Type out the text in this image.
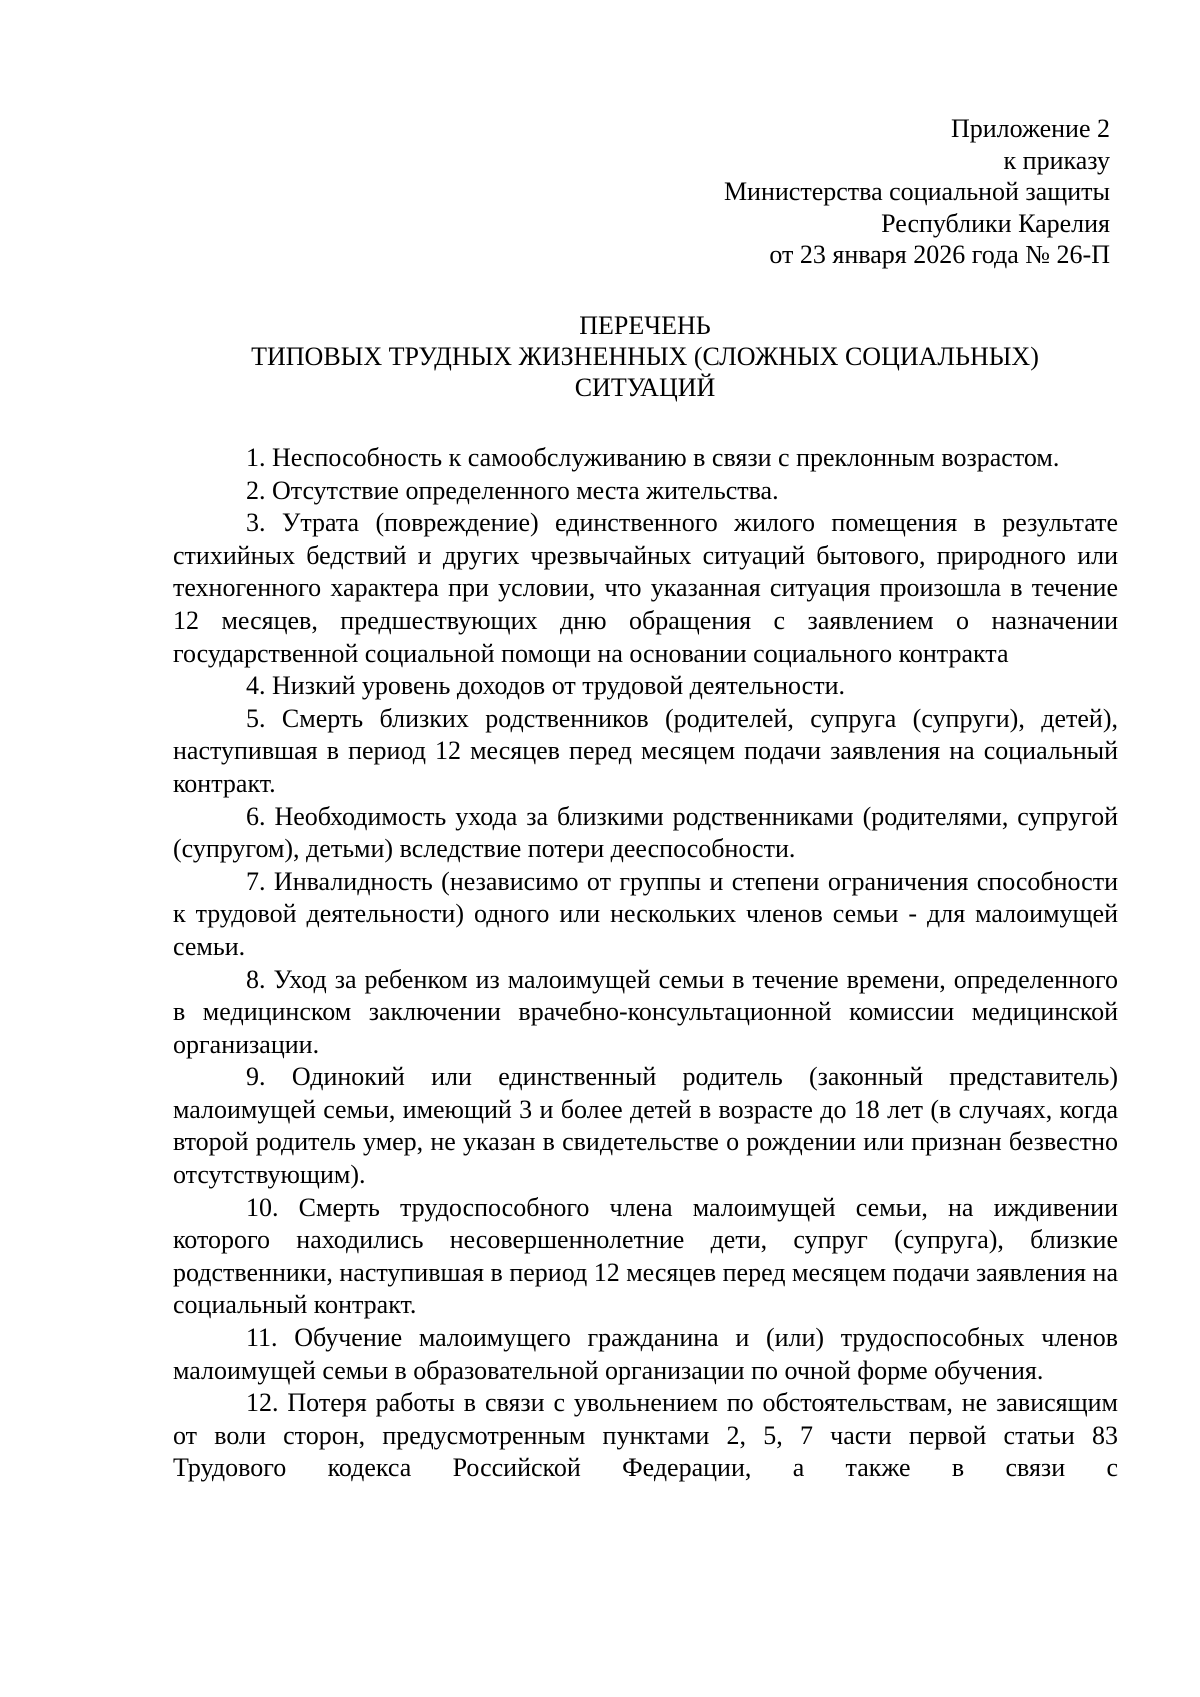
Приложение 2
к приказу
Министерства социальной защиты
Республики Карелия
от 23 января 2026 года № 26-П
ПЕРЕЧЕНЬ
ТИПОВЫХ ТРУДНЫХ ЖИЗНЕННЫХ (СЛОЖНЫХ СОЦИАЛЬНЫХ)
СИТУАЦИЙ

1. Неспособность к самообслуживанию в связи с преклонным возрастом.

2. Отсутствие определенного места жительства.

3. Утрата (повреждение) единственного жилого помещения в результате стихийных бедствий и других чрезвычайных ситуаций бытового, природного или техногенного характера при условии, что указанная ситуация произошла в течение 12 месяцев, предшествующих дню обращения с заявлением о назначении государственной социальной помощи на основании социального контракта

4. Низкий уровень доходов от трудовой деятельности.

5. Смерть близких родственников (родителей, супруга (супруги), детей), наступившая в период 12 месяцев перед месяцем подачи заявления на социальный контракт.

6. Необходимость ухода за близкими родственниками (родителями, супругой (супругом), детьми) вследствие потери дееспособности.

7. Инвалидность (независимо от группы и степени ограничения способности к трудовой деятельности) одного или нескольких членов семьи - для малоимущей семьи.

8. Уход за ребенком из малоимущей семьи в течение времени, определенного в медицинском заключении врачебно-консультационной комиссии медицинской организации.

9. Одинокий или единственный родитель (законный представитель) малоимущей семьи, имеющий 3 и более детей в возрасте до 18 лет (в случаях, когда второй родитель умер, не указан в свидетельстве о рождении или признан безвестно отсутствующим).

10. Смерть трудоспособного члена малоимущей семьи, на иждивении которого находились несовершеннолетние дети, супруг (супруга), близкие родственники, наступившая в период 12 месяцев перед месяцем подачи заявления на социальный контракт.

11. Обучение малоимущего гражданина и (или) трудоспособных членов малоимущей семьи в образовательной организации по очной форме обучения.

12. Потеря работы в связи с увольнением по обстоятельствам, не зависящим от воли сторон, предусмотренным пунктами 2, 5, 7 части первой статьи 83 Трудового кодекса Российской Федерации, а также в связи с
